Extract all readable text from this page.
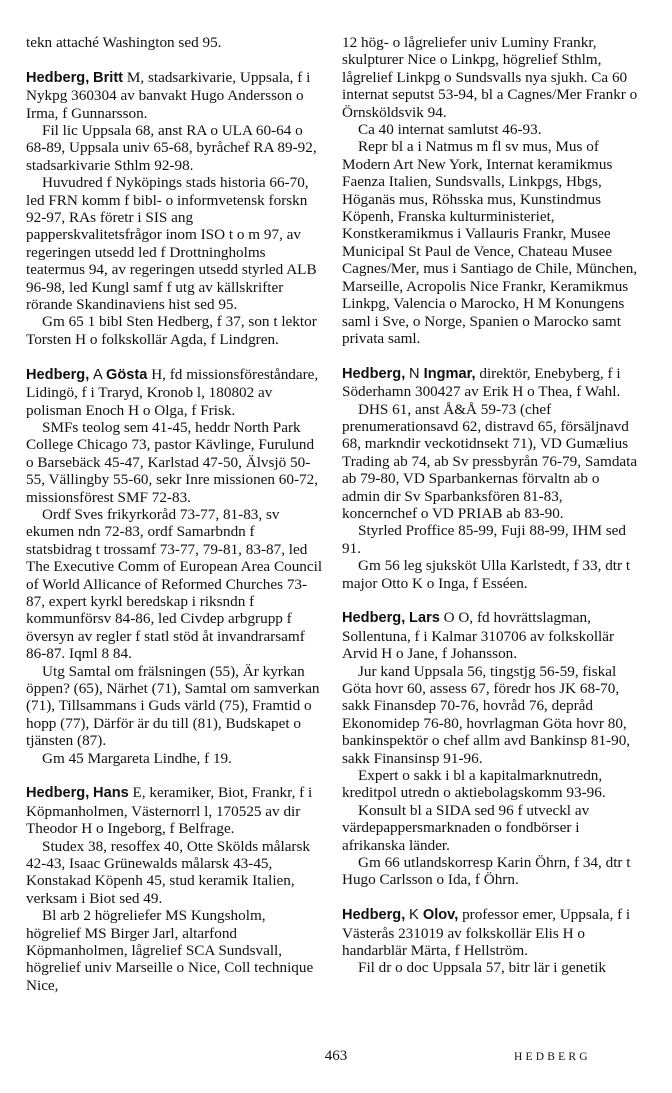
tekn attaché Washington sed 95.

Hedberg, Britt M, stadsarkivarie, Uppsala, f i Nykpg 360304 av banvakt Hugo Andersson o Irma, f Gunnarsson.

Fil lic Uppsala 68, anst RA o ULA 60-64 o 68-89, Uppsala univ 65-68, byråchef RA 89-92, stadsarkivarie Sthlm 92-98.

Huvudred f Nyköpings stads historia 66-70, led FRN komm f bibl- o informvetensk forskn 92-97, RAs företr i SIS ang papperskvalitetsfrågor inom ISO t o m 97, av regeringen utsedd led f Drottningholms teatermus 94, av regeringen utsedd styrled ALB 96-98, led Kungl samf f utg av källskrifter rörande Skandinaviens hist sed 95.

Gm 65 1 bibl Sten Hedberg, f 37, son t lektor Torsten H o folkskollär Agda, f Lindgren.

Hedberg, A Gösta H, fd missionsföreståndare, Lidingö, f i Traryd, Kronob l, 180802 av polisman Enoch H o Olga, f Frisk.

SMFs teolog sem 41-45, heddr North Park College Chicago 73, pastor Kävlinge, Furulund o Barsebäck 45-47, Karlstad 47-50, Älvsjö 50-55, Vällingby 55-60, sekr Inre missionen 60-72, missionsförest SMF 72-83.

Ordf Sves frikyrkoråd 73-77, 81-83, sv ekumen ndn 72-83, ordf Samarbndn f statsbidrag t trossamf 73-77, 79-81, 83-87, led The Executive Comm of European Area Council of World Allicance of Reformed Churches 73-87, expert kyrkl beredskap i riksndn f kommunförsv 84-86, led Civdep arbgrupp f översyn av regler f statl stöd åt invandrarsamf 86-87. Iqml 8 84.

Utg Samtal om frälsningen (55), Är kyrkan öppen? (65), Närhet (71), Samtal om samverkan (71), Tillsammans i Guds värld (75), Framtid o hopp (77), Därför är du till (81), Budskapet o tjänsten (87).

Gm 45 Margareta Lindhe, f 19.

Hedberg, Hans E, keramiker, Biot, Frankr, f i Köpmanholmen, Västernorrl l, 170525 av dir Theodor H o Ingeborg, f Belfrage.

Studex 38, resoffex 40, Otte Skölds målarsk 42-43, Isaac Grünewalds målarsk 43-45, Konstakad Köpenh 45, stud keramik Italien, verksam i Biot sed 49.

Bl arb 2 högreliefer MS Kungsholm, högrelief MS Birger Jarl, altarfond Köpmanholmen, lågrelief SCA Sundsvall, högrelief univ Marseille o Nice, Coll technique Nice,

12 hög- o lågreliefer univ Luminy Frankr, skulpturer Nice o Linkpg, högrelief Sthlm, lågrelief Linkpg o Sundsvalls nya sjukh. Ca 60 internat seputst 53-94, bl a Cagnes/Mer Frankr o Örnsköldsvik 94.

Ca 40 internat samlutst 46-93.

Repr bl a i Natmus m fl sv mus, Mus of Modern Art New York, Internat keramikmus Faenza Italien, Sundsvalls, Linkpgs, Hbgs, Höganäs mus, Röhsska mus, Kunstindmus Köpenh, Franska kulturministeriet, Konstkeramikmus i Vallauris Frankr, Musee Municipal St Paul de Vence, Chateau Musee Cagnes/Mer, mus i Santiago de Chile, München, Marseille, Acropolis Nice Frankr, Keramikmus Linkpg, Valencia o Marocko, H M Konungens saml i Sve, o Norge, Spanien o Marocko samt privata saml.

Hedberg, N Ingmar, direktör, Enebyberg, f i Söderhamn 300427 av Erik H o Thea, f Wahl.

DHS 61, anst Å&Å 59-73 (chef prenumerationsavd 62, distravd 65, försäljnavd 68, markndir veckotidnsekt 71), VD Gumælius Trading ab 74, ab Sv pressbyrån 76-79, Samdata ab 79-80, VD Sparbankernas förvaltn ab o admin dir Sv Sparbanksfören 81-83, koncernchef o VD PRIAB ab 83-90.

Styrled Proffice 85-99, Fuji 88-99, IHM sed 91.

Gm 56 leg sjuksköt Ulla Karlstedt, f 33, dtr t major Otto K o Inga, f Esséen.

Hedberg, Lars O O, fd hovrättslagman, Sollentuna, f i Kalmar 310706 av folkskollär Arvid H o Jane, f Johansson.

Jur kand Uppsala 56, tingstjg 56-59, fiskal Göta hovr 60, assess 67, föredr hos JK 68-70, sakk Finansdep 70-76, hovråd 76, depråd Ekonomidep 76-80, hovrlagman Göta hovr 80, bankinspektör o chef allm avd Bankinsp 81-90, sakk Finansinsp 91-96.

Expert o sakk i bl a kapitalmarknutredn, kreditpol utredn o aktiebolagskomm 93-96.

Konsult bl a SIDA sed 96 f utveckl av värdepappersmarknaden o fondbörser i afrikanska länder.

Gm 66 utlandskorresp Karin Öhrn, f 34, dtr t Hugo Carlsson o Ida, f Öhrn.

Hedberg, K Olov, professor emer, Uppsala, f i Västerås 231019 av folkskollär Elis H o handarblär Märta, f Hellström.

Fil dr o doc Uppsala 57, bitr lär i genetik

463	HEDBERG
